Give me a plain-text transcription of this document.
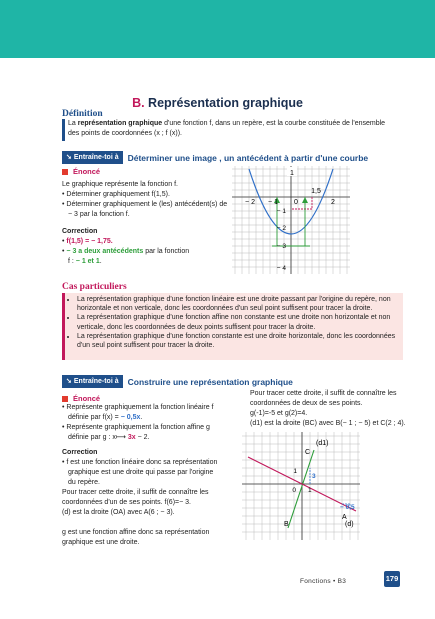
B. Représentation graphique
Définition
La représentation graphique d'une fonction f, dans un repère, est la courbe constituée de l'ensemble des points de coordonnées (x ; f (x)).
➘ Entraîne-toi à	Déterminer une image , un antécédent à partir d'une courbe
Énoncé
Le graphique représente la fonction f.
• Déterminer graphiquement f(1,5).
• Déterminer graphiquement le (les) antécédent(s) de − 3 par la fonction f.
Correction
• f(1,5) = − 1,75.
• − 3 a deux antécédents par la fonction
f : − 1 et 1.
1
− 2 − 1 0	2
1,5
− 1
− 2
− 3
− 4
Cas particuliers
• La représentation graphique d'une fonction linéaire est une droite passant par l'origine du repère, non horizontale et non verticale, donc les coordonnées d'un seul point suffisent pour tracer la droite.
• La représentation graphique d'une fonction affine non constante est une droite non horizontale et non verticale, donc les coordonnées de deux points suffisent pour tracer la droite.
• La représentation graphique d'une fonction constante est une droite horizontale, donc les coordonnées d'un seul point suffisent pour tracer la droite.
➘ Entraîne-toi à	Construire une représentation graphique
Énoncé
• Représente graphiquement la fonction linéaire f définie par f(x) = − 0,5x.
• Représente graphiquement la fonction affine g définie par g : x⟼ 3x − 2.
Correction
• f est une fonction linéaire donc sa représentation graphique est une droite qui passe par l'origine du repère.
Pour tracer cette droite, il suffit de connaître les coordonnées d'un de ses points. f(6)=− 3.
(d) est la droite (OA) avec A(6 ; − 3).
g est une fonction affine donc sa représentation graphique est une droite.
Pour tracer cette droite, il suffit de connaître les coordonnées de deux de ses points.
g(-1)=-5 et g(2)=4.
(d1) est la droite (BC) avec B(− 1 ; − 5) et C(2 ; 4).
(d1)
C
1
0 1
3
− 0,5
A
(d)
B
Fonctions • B3	179
